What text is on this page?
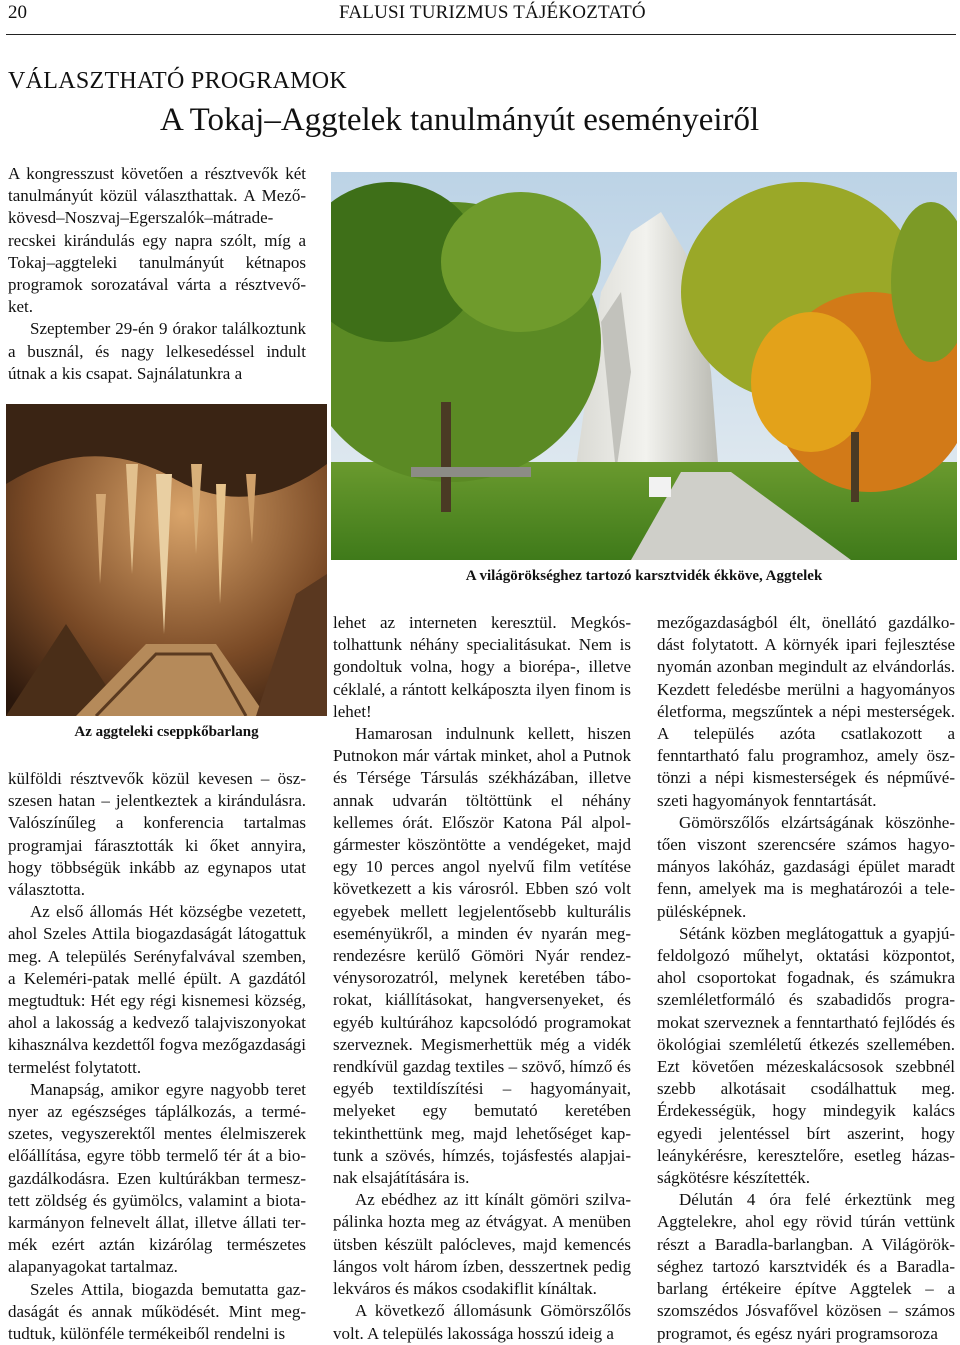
20	FALUSI TURIZMUS TÁJÉKOZTATÓ
VÁLASZTHATÓ PROGRAMOK
A Tokaj–Aggtelek tanulmányút eseményeiről

A kongresszust követően a résztvevők két tanulmányút közül választhattak. A Mezőkövesd–Noszvaj–Egerszalók–mátraderecskei kirándulás egy napra szólt, míg a Tokaj–aggteleki tanulmányút kétnapos programok sorozatával várta a résztvevőket.

Szeptember 29-én 9 órakor találkoztunk a busznál, és nagy lelkesedéssel indult útnak a kis csapat. Sajnálatunkra a

A világörökséghez tartozó karsztvidék ékköve, Aggtelek
Az aggteleki cseppkőbarlang

külföldi résztvevők közül kevesen – öszszesen hatan – jelentkeztek a kirándulásra. Valószínűleg a konferencia tartalmas programjai fárasztották ki őket annyira, hogy többségük inkább az egynapos utat választotta.

Az első állomás Hét községbe vezetett, ahol Szeles Attila biogazdaságát látogattuk meg. A település Serényfalvával szemben, a Keleméri-patak mellé épült. A gazdától megtudtuk: Hét egy régi kisnemesi község, ahol a lakosság a kedvező talajviszonyokat kihasználva kezdettől fogva mezőgazdasági termelést folytatott.

Manapság, amikor egyre nagyobb teret nyer az egészséges táplálkozás, a természetes, vegyszerektől mentes élelmiszerek előállítása, egyre több termelő tér át a biogazdálkodásra. Ezen kultúrákban termesztett zöldség és gyümölcs, valamint a biotakarmányon felnevelt állat, illetve állati termék ezért aztán kizárólag természetes alapanyagokat tartalmaz.

Szeles Attila, biogazda bemutatta gazdaságát és annak működését. Mint megtudtuk, különféle termékeiből rendelni is

lehet az interneten keresztül. Megkóstolhattunk néhány specialitásukat. Nem is gondoltuk volna, hogy a biorépa-, illetve céklalé, a rántott kelkáposzta ilyen finom is lehet!

Hamarosan indulnunk kellett, hiszen Putnokon már vártak minket, ahol a Putnok és Térsége Társulás székházában, illetve annak udvarán töltöttünk el néhány kellemes órát. Először Katona Pál alpolgármester köszöntötte a vendégeket, majd egy 10 perces angol nyelvű film vetítése következett a kis városról. Ebben szó volt egyebek mellett legjelentősebb kulturális eseményükről, a minden év nyarán megrendezésre kerülő Gömöri Nyár rendezvénysorozatról, melynek keretében táborokat, kiállításokat, hangversenyeket, és egyéb kultúrához kapcsolódó programokat szerveznek. Megismerhettük még a vidék rendkívül gazdag textiles – szövő, hímző és egyéb textildíszítési – hagyományait, melyeket egy bemutató keretében tekinthettünk meg, majd lehetőséget kaptunk a szövés, hímzés, tojásfestés alapjainak elsajátítására is.

Az ebédhez az itt kínált gömöri szilvapálinka hozta meg az étvágyat. A menüben ütsben készült palócleves, majd kemencés lángos volt három ízben, desszertnek pedig lekváros és mákos csodakiflit kínáltak.

A következő állomásunk Gömörszőlős volt. A település lakossága hosszú ideig a

mezőgazdaságból élt, önellátó gazdálkodást folytatott. A környék ipari fejlesztése nyomán azonban megindult az elvándorlás. Kezdett feledésbe merülni a hagyományos életforma, megszűntek a népi mesterségek. A település azóta csatlakozott a fenntartható falu programhoz, amely ösztönzi a népi kismesterségek és népművészeti hagyományok fenntartását.

Gömörszőlős elzártságának köszönhetően viszont szerencsére számos hagyományos lakóház, gazdasági épület maradt fenn, amelyek ma is meghatározói a településképnek.

Sétánk közben meglátogattuk a gyapjúfeldolgozó műhelyt, oktatási központot, ahol csoportokat fogadnak, és számukra szemléletformáló és szabadidős programokat szerveznek a fenntartható fejlődés és ökológiai szemléletű étkezés szellemében. Ezt követően mézeskalácsosok szebbnél szebb alkotásait csodálhattuk meg. Érdekességük, hogy mindegyik kalács egyedi jelentéssel bírt aszerint, hogy leánykérésre, keresztelőre, esetleg házasságkötésre készítették.

Délután 4 óra felé érkeztünk meg Aggtelekre, ahol egy rövid túrán vettünk részt a Baradla-barlangban. A Világörökséghez tartozó karsztvidék és a Baradlabarlang értékeire építve Aggtelek – a szomszédos Jósvafővel közösen – számos programot, és egész nyári programsoroza
